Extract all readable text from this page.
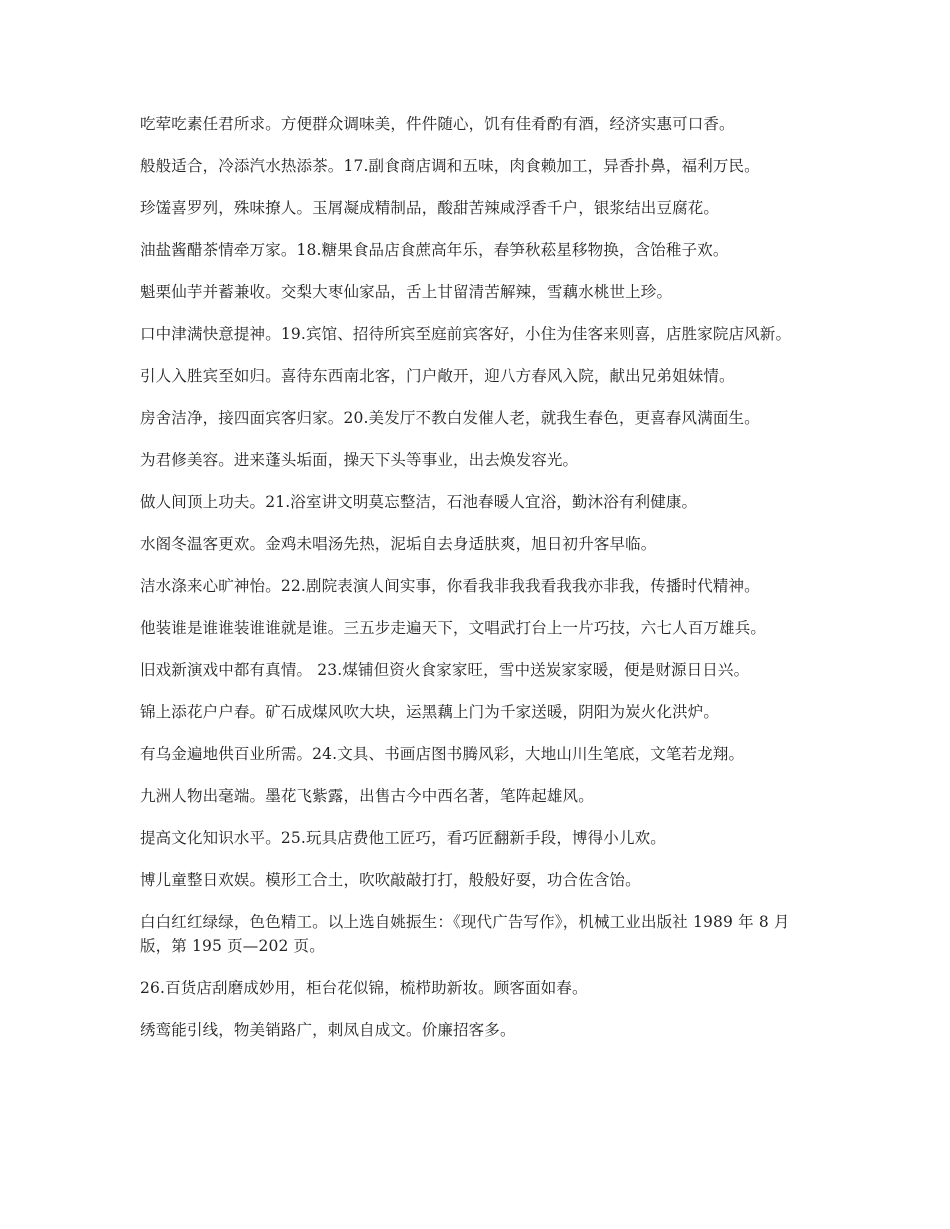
吃荤吃素任君所求。方便群众调味美，件件随心，饥有佳肴酌有酒，经济实惠可口香。

般般适合，冷添汽水热添茶。17.副食商店调和五味，肉食赖加工，异香扑鼻，福利万民。

珍馐喜罗列，殊味撩人。玉屑凝成精制品，酸甜苦辣咸浮香千户，银浆结出豆腐花。

油盐酱醋茶情牵万家。18.糖果食品店食蔗高年乐，春笋秋菘星移物换，含饴稚子欢。

魁栗仙芋并蓄兼收。交梨大枣仙家品，舌上甘留清苦解辣，雪藕水桃世上珍。

口中津满快意提神。19.宾馆、招待所宾至庭前宾客好，小住为佳客来则喜，店胜家院店风新。

引人入胜宾至如归。喜待东西南北客，门户敞开，迎八方春风入院，献出兄弟姐妹情。

房舍洁净，接四面宾客归家。20.美发厅不教白发催人老，就我生春色，更喜春风满面生。

为君修美容。进来蓬头垢面，操天下头等事业，出去焕发容光。

做人间顶上功夫。21.浴室讲文明莫忘整洁，石池春暖人宜浴，勤沐浴有利健康。

水阁冬温客更欢。金鸡未唱汤先热，泥垢自去身适肤爽，旭日初升客早临。

洁水涤来心旷神怡。22.剧院表演人间实事，你看我非我我看我我亦非我，传播时代精神。

他装谁是谁谁装谁谁就是谁。三五步走遍天下，文唱武打台上一片巧技，六七人百万雄兵。

旧戏新演戏中都有真情。 23.煤铺但资火食家家旺，雪中送炭家家暖，便是财源日日兴。

锦上添花户户春。矿石成煤风吹大块，运黑藕上门为千家送暖，阴阳为炭火化洪炉。

有乌金遍地供百业所需。24.文具、书画店图书腾风彩，大地山川生笔底，文笔若龙翔。

九洲人物出毫端。墨花飞紫露，出售古今中西名著，笔阵起雄风。

提高文化知识水平。25.玩具店费他工匠巧，看巧匠翻新手段，博得小儿欢。

博儿童整日欢娱。模形工合土，吹吹敲敲打打，般般好耍，功合佐含饴。

白白红红绿绿，色色精工。以上选自姚振生：《现代广告写作》，机械工业出版社 1989 年 8 月版，第 195 页—202 页。

26.百货店刮磨成妙用，柜台花似锦，梳栉助新妆。顾客面如春。

绣鸾能引线，物美销路广，刺凤自成文。价廉招客多。
